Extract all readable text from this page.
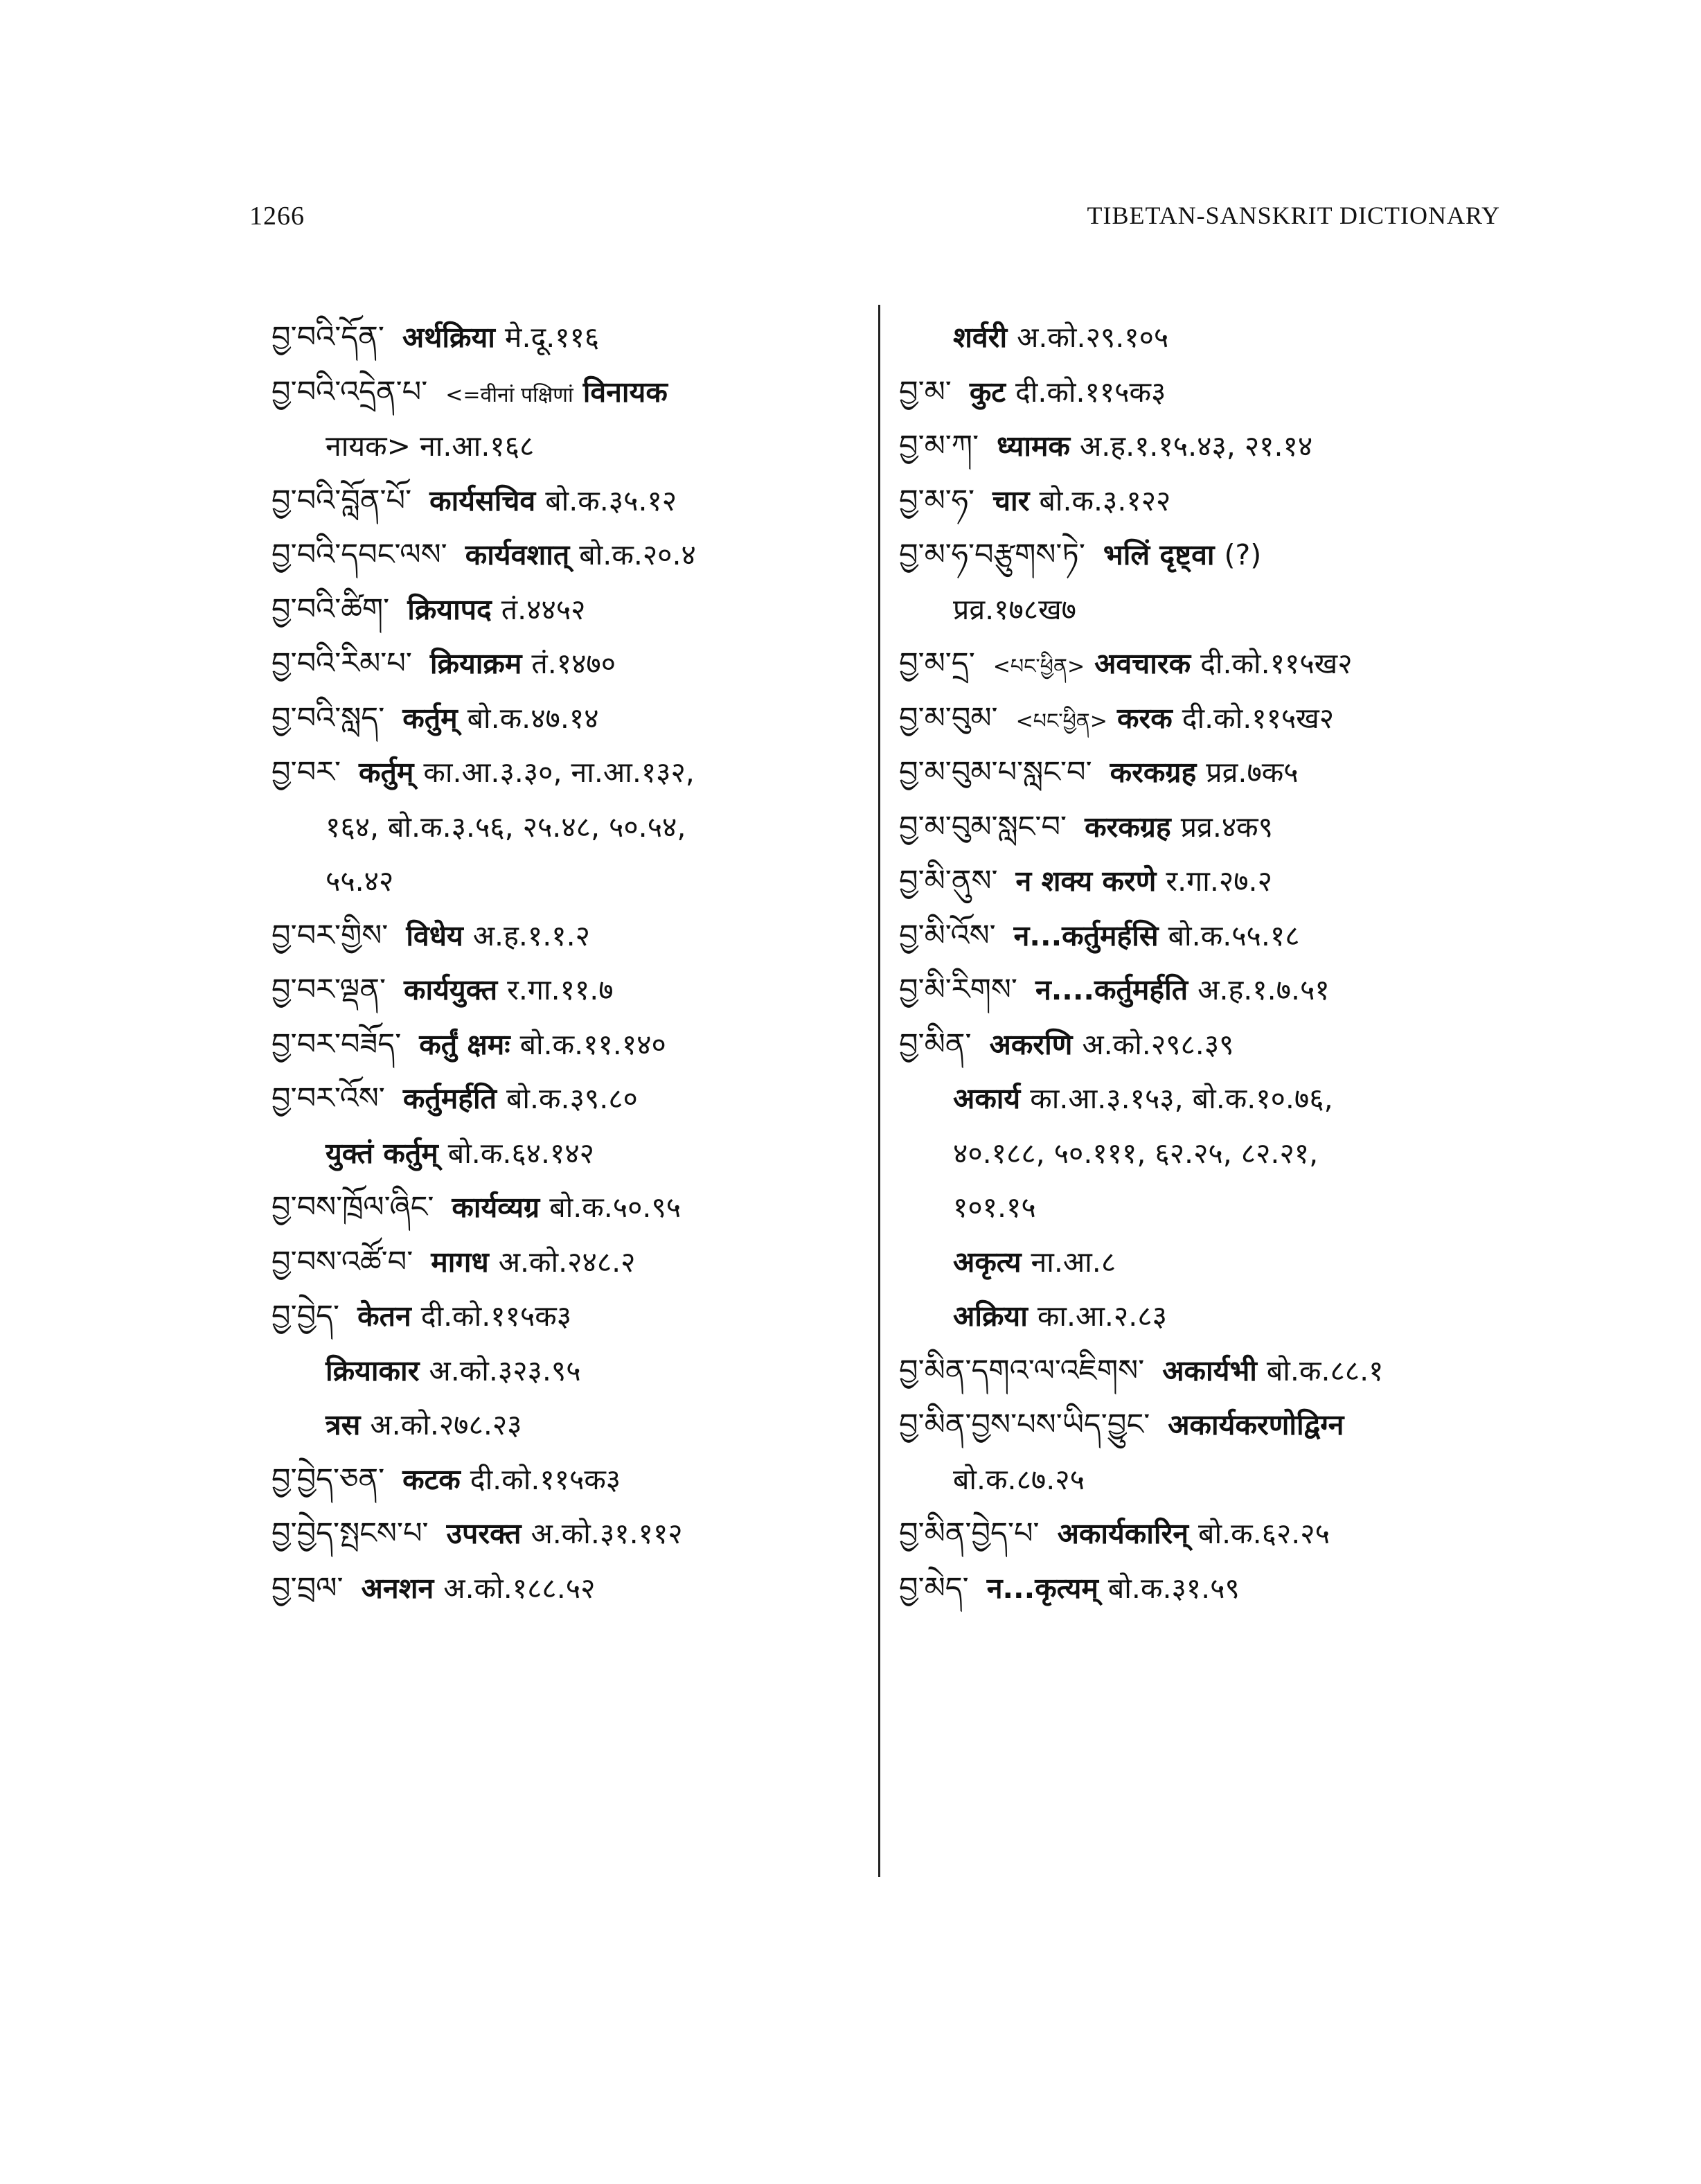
1266	TIBETAN-SANSKRIT DICTIONARY
བྱ་བའི་དོན་ अर्थक्रिया मे.दू.११६
བྱ་བའི་འདྲེན་པ་ <=वीनां पक्षिणां विनायक
नायक> ना.आ.१६८
བྱ་བའི་བློན་པོ་ कार्यसचिव बो.क.३५.१२
བྱ་བའི་དབང་ལས་ कार्यवशात् बो.क.२०.४
བྱ་བའི་ཚིག་ क्रियापद तं.४४५२
བྱ་བའི་རིམ་པ་ क्रियाक्रम तं.१४७०
བྱ་བའི་སླད་ कर्तुम् बो.क.४७.१४
བྱ་བར་ कर्तुम् का.आ.३.३०, ना.आ.१३२,
१६४, बो.क.३.५६, २५.४८, ५०.५४,
५५.४२
བྱ་བར་གྱིས་ विधेय अ.ह.१.१.२
བྱ་བར་ལྡན་ कार्ययुक्त र.गा.११.७
བྱ་བར་བཟོད་ कर्तुं क्षमः बो.क.११.१४०
བྱ་བར་འོས་ कर्तुमर्हति बो.क.३९.८०
युक्तं कर्तुम् बो.क.६४.१४२
བྱ་བས་ཁྲོལ་ཞིང་ कार्यव्यग्र बो.क.५०.९५
བྱ་བས་འཚོ་བ་ मागध अ.को.२४८.२
བྱ་བྱེད་ केतन दी.को.११५क३
क्रियाकार अ.को.३२३.९५
त्रस अ.को.२७८.२३
བྱ་བྱེད་ཅན་ कटक दी.को.११५क३
བྱ་བྱེད་སྤངས་པ་ उपरक्त अ.को.३१.११२
བྱ་བྲལ་ अनशन अ.को.१८८.५२
शर्वरी अ.को.२९.१०५
བྱ་མ་ कुट दी.को.११५क३
བྱ་མ་ཀ་ ध्यामक अ.ह.१.१५.४३, २१.१४
བྱ་མ་ཧ་ चार बो.क.३.१२२
བྱ་མ་ཧ་བརྩུགས་ཏེ་ भलिं दृष्ट्वा (?)
प्रव्र.१७८ख७
བྱ་མ་དྲ་ <པང་ཕྱིན> अवचारक दी.को.११५ख२
བྱ་མ་བུམ་ <པང་ཕྱིན> करक दी.को.११५ख२
བྱ་མ་བུམ་པ་སླང་བ་ करकग्रह प्रव्र.७क५
བྱ་མ་བུམ་སླང་བ་ करकग्रह प्रव्र.४क९
བྱ་མི་ནུས་ न शक्य करणे र.गा.२७.२
བྱ་མི་འོས་ न...कर्तुमर्हसि बो.क.५५.१८
བྱ་མི་རིགས་ न....कर्तुमर्हति अ.ह.१.७.५१
བྱ་མིན་ अकरणि अ.को.२९८.३९
अकार्य का.आ.३.१५३, बो.क.१०.७६,
४०.१८८, ५०.१११, ६२.२५, ८२.२१,
१०१.१५
अकृत्य ना.आ.८
अक्रिया का.आ.२.८३
བྱ་མིན་དགའ་ལ་འཇིགས་ अकार्यभी बो.क.८८.१
བྱ་མིན་བྱས་པས་ཡིད་བྱུང་ अकार्यकरणोद्विग्न
बो.क.८७.२५
བྱ་མིན་བྱེད་པ་ अकार्यकारिन् बो.क.६२.२५
བྱ་མེད་ न...कृत्यम् बो.क.३१.५९
